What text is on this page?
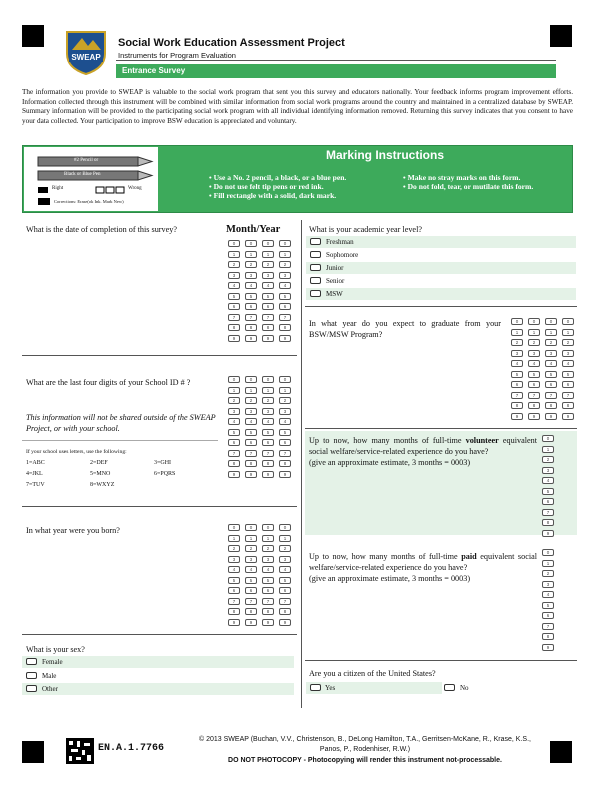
SWEAP
Social Work Education Assessment Project
Instruments for Program Evaluation
Entrance Survey
The information you provide to SWEAP is valuable to the social work program that sent you this survey and educators nationally. Your feedback informs program improvement efforts. Information collected through this instrument will be combined with similar information from social work programs around the country and maintained in a centralized database by SWEAP. Summary information will be provided to the participating social work program with all individual identifying information removed. Returning this survey indicates that you consent to have your data collected. Your participation to improve BSW education is appreciated and voluntary.
#2 Pencil or
Black or Blue Pen
Right	Wrong
Corrections: Erase(ok Ink. Mark New)
Marking Instructions
• Use a No. 2 pencil, a black, or a blue pen.
• Do not use felt tip pens or red ink.
• Fill rectangle with a solid, dark mark.
• Make no stray marks on this form.
• Do not fold, tear, or mutilate this form.
What is the date of completion of this survey?	Month/Year
0
1
2
3
4
5
6
7
8
9
0
1
2
3
4
5
6
7
8
9
0
1
2
3
4
5
6
7
8
9
0
1
2
3
4
5
6
7
8
9
What are the last four digits of your School ID # ?
This information will not be shared outside of the SWEAP Project, or with your school.
If your school uses letters, use the following:
1=ABC	2=DEF	3=GHI
4=JKL	5=MNO	6=PQRS
7=TUV	8=WXYZ
0
1
2
3
4
5
6
7
8
9
0
1
2
3
4
5
6
7
8
9
0
1
2
3
4
5
6
7
8
9
0
1
2
3
4
5
6
7
8
9
In what year were you born?	0
1
2
3
4
5
6
7
8
9
0
1
2
3
4
5
6
7
8
9
0
1
2
3
4
5
6
7
8
9
0
1
2
3
4
5
6
7
8
9
What is your sex?
Female
Male
Other
What is your academic year level?
Freshman
Sophomore
Junior
Senior
MSW
In what year do you expect to graduate from your BSW/MSW Program?
0
1
2
3
4
5
6
7
8
9
0
1
2
3
4
5
6
7
8
9
0
1
2
3
4
5
6
7
8
9
0
1
2
3
4
5
6
7
8
9
Up to now, how many months of full-time volunteer equivalent social welfare/service-related experience do you have?
(give an approximate estimate, 3 months = 0003)
0
1
2
3
4
5
6
7
8
9
Up to now, how many months of full-time paid equivalent social welfare/service-related experience do you have?
(give an approximate estimate, 3 months = 0003)
0
1
2
3
4
5
6
7
8
9
Are you a citizen of the United States?
Yes	No
EN.A.1.7766
© 2013 SWEAP (Buchan, V.V., Christenson, B., DeLong Hamilton, T.A., Gerritsen-McKane, R., Krase, K.S., Panos, P., Rodenhiser, R.W.)
DO NOT PHOTOCOPY - Photocopying will render this instrument not-processable.
